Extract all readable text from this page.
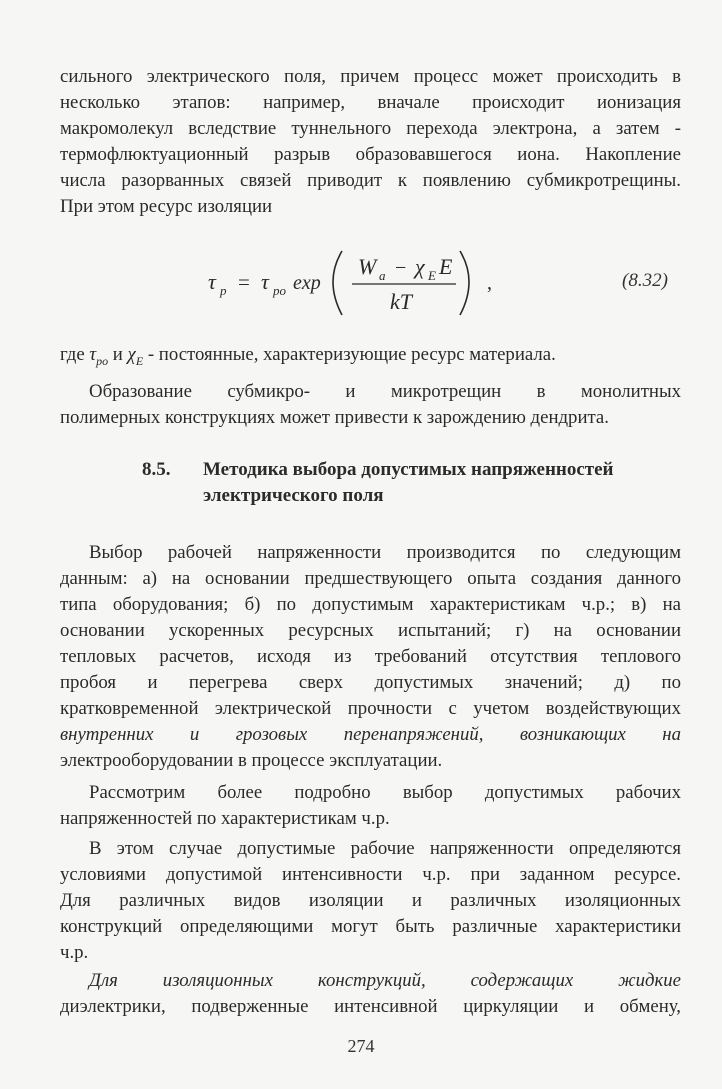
сильного электрического поля, причем процесс может происходить в
несколько этапов: например, вначале происходит ионизация
макромолекул вследствие туннельного перехода электрона, а затем -
термофлюктуационный разрыв образовавшегося иона. Накопление
числа разорванных связей приводит к появлению субмикротрещины.
При этом ресурс изоляции

τ p = τ po exp
W a − χ E E
kT
,	(8.32)

где $\tau_{po}$ и $\chi_E$ - постоянные, характеризующие ресурс материала.

Образование субмикро- и микротрещин в монолитных
полимерных конструкциях может привести к зарождению дендрита.

8.5. Методика выбора допустимых напряженностей
электрического поля

Выбор рабочей напряженности производится по следующим
данным: а) на основании предшествующего опыта создания данного
типа оборудования; б) по допустимым характеристикам ч.р.; в) на
основании ускоренных ресурсных испытаний; г) на основании
тепловых расчетов, исходя из требований отсутствия теплового
пробоя и перегрева сверх допустимых значений; д) по
кратковременной электрической прочности с учетом воздействующих
внутренних и грозовых перенапряжений, возникающих на
электрооборудовании в процессе эксплуатации.

Рассмотрим более подробно выбор допустимых рабочих
напряженностей по характеристикам ч.р.

В этом случае допустимые рабочие напряженности определяются
условиями допустимой интенсивности ч.р. при заданном ресурсе.
Для различных видов изоляции и различных изоляционных
конструкций определяющими могут быть различные характеристики
ч.р.

Для изоляционных конструкций, содержащих жидкие
диэлектрики, подверженные интенсивной циркуляции и обмену,

274
